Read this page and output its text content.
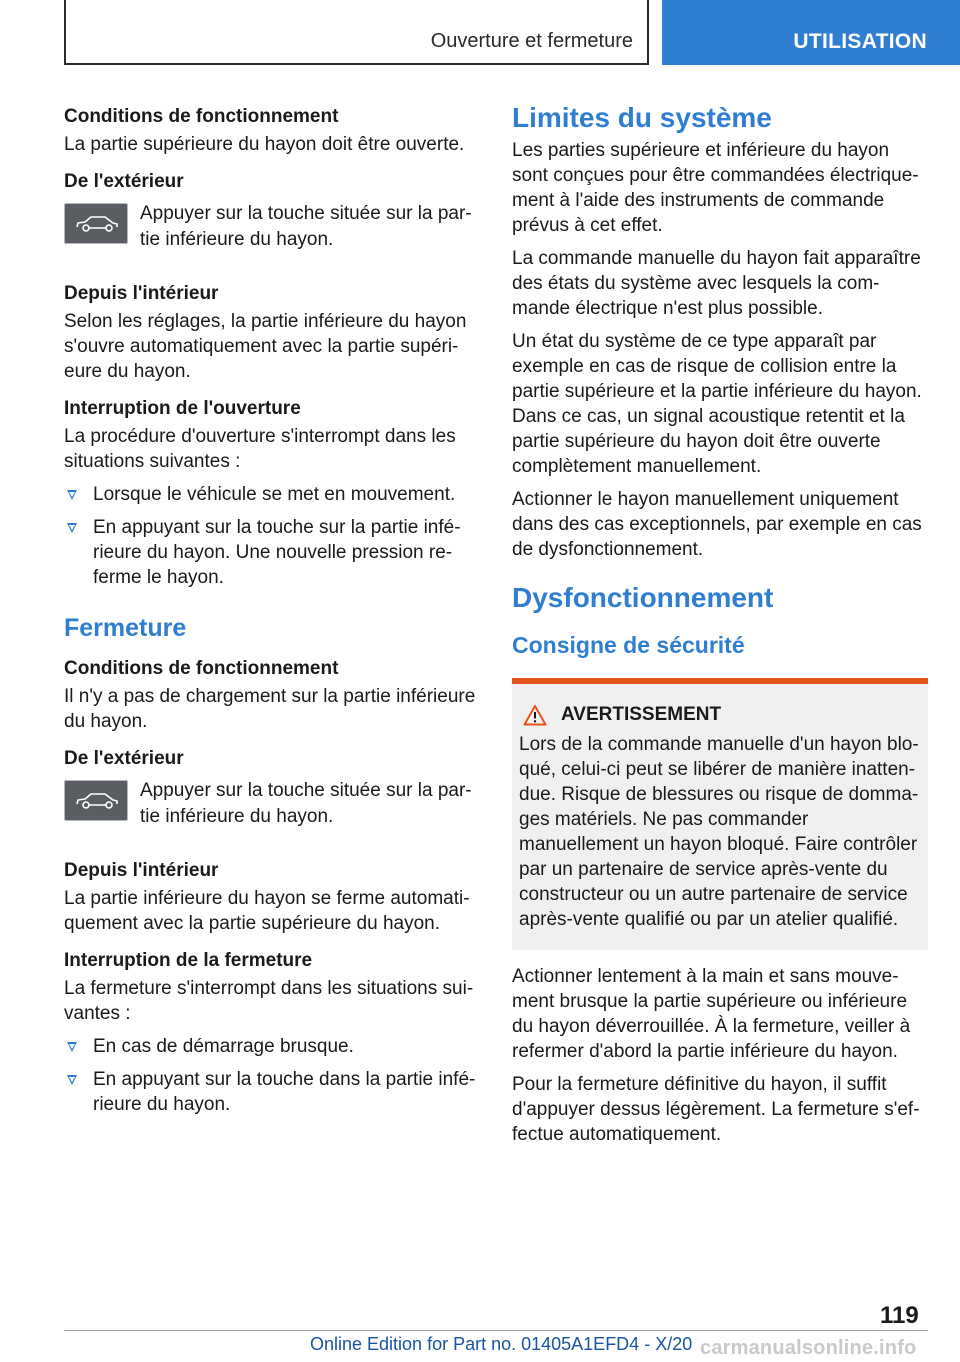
Ouverture et fermeture	UTILISATION
Conditions de fonctionnement
La partie supérieure du hayon doit être ouverte.
De l'extérieur
Appuyer sur la touche située sur la par-tie inférieure du hayon.
Depuis l'intérieur
Selon les réglages, la partie inférieure du hayon s'ouvre automatiquement avec la partie supéri-eure du hayon.
Interruption de l'ouverture
La procédure d'ouverture s'interrompt dans les situations suivantes :
Lorsque le véhicule se met en mouvement.
En appuyant sur la touche sur la partie infé-rieure du hayon. Une nouvelle pression re-ferme le hayon.
Fermeture
Conditions de fonctionnement
Il n'y a pas de chargement sur la partie inférieure du hayon.
De l'extérieur
Appuyer sur la touche située sur la par-tie inférieure du hayon.
Depuis l'intérieur
La partie inférieure du hayon se ferme automati-quement avec la partie supérieure du hayon.
Interruption de la fermeture
La fermeture s'interrompt dans les situations sui-vantes :
En cas de démarrage brusque.
En appuyant sur la touche dans la partie infé-rieure du hayon.
Limites du système
Les parties supérieure et inférieure du hayon sont conçues pour être commandées électrique-ment à l'aide des instruments de commande prévus à cet effet.
La commande manuelle du hayon fait apparaître des états du système avec lesquels la com-mande électrique n'est plus possible.
Un état du système de ce type apparaît par exemple en cas de risque de collision entre la partie supérieure et la partie inférieure du hayon. Dans ce cas, un signal acoustique retentit et la partie supérieure du hayon doit être ouverte complètement manuellement.
Actionner le hayon manuellement uniquement dans des cas exceptionnels, par exemple en cas de dysfonctionnement.
Dysfonctionnement
Consigne de sécurité
AVERTISSEMENT
Lors de la commande manuelle d'un hayon blo-qué, celui-ci peut se libérer de manière inatten-due. Risque de blessures ou risque de domma-ges matériels. Ne pas commander manuellement un hayon bloqué. Faire contrôler par un partenaire de service après-vente du constructeur ou un autre partenaire de service après-vente qualifié ou par un atelier qualifié.
Actionner lentement à la main et sans mouve-ment brusque la partie supérieure ou inférieure du hayon déverrouillée. À la fermeture, veiller à refermer d'abord la partie inférieure du hayon.
Pour la fermeture définitive du hayon, il suffit d'appuyer dessus légèrement. La fermeture s'ef-fectue automatiquement.
119
Online Edition for Part no. 01405A1EFD4 - X/20 carmanualsonline.info
